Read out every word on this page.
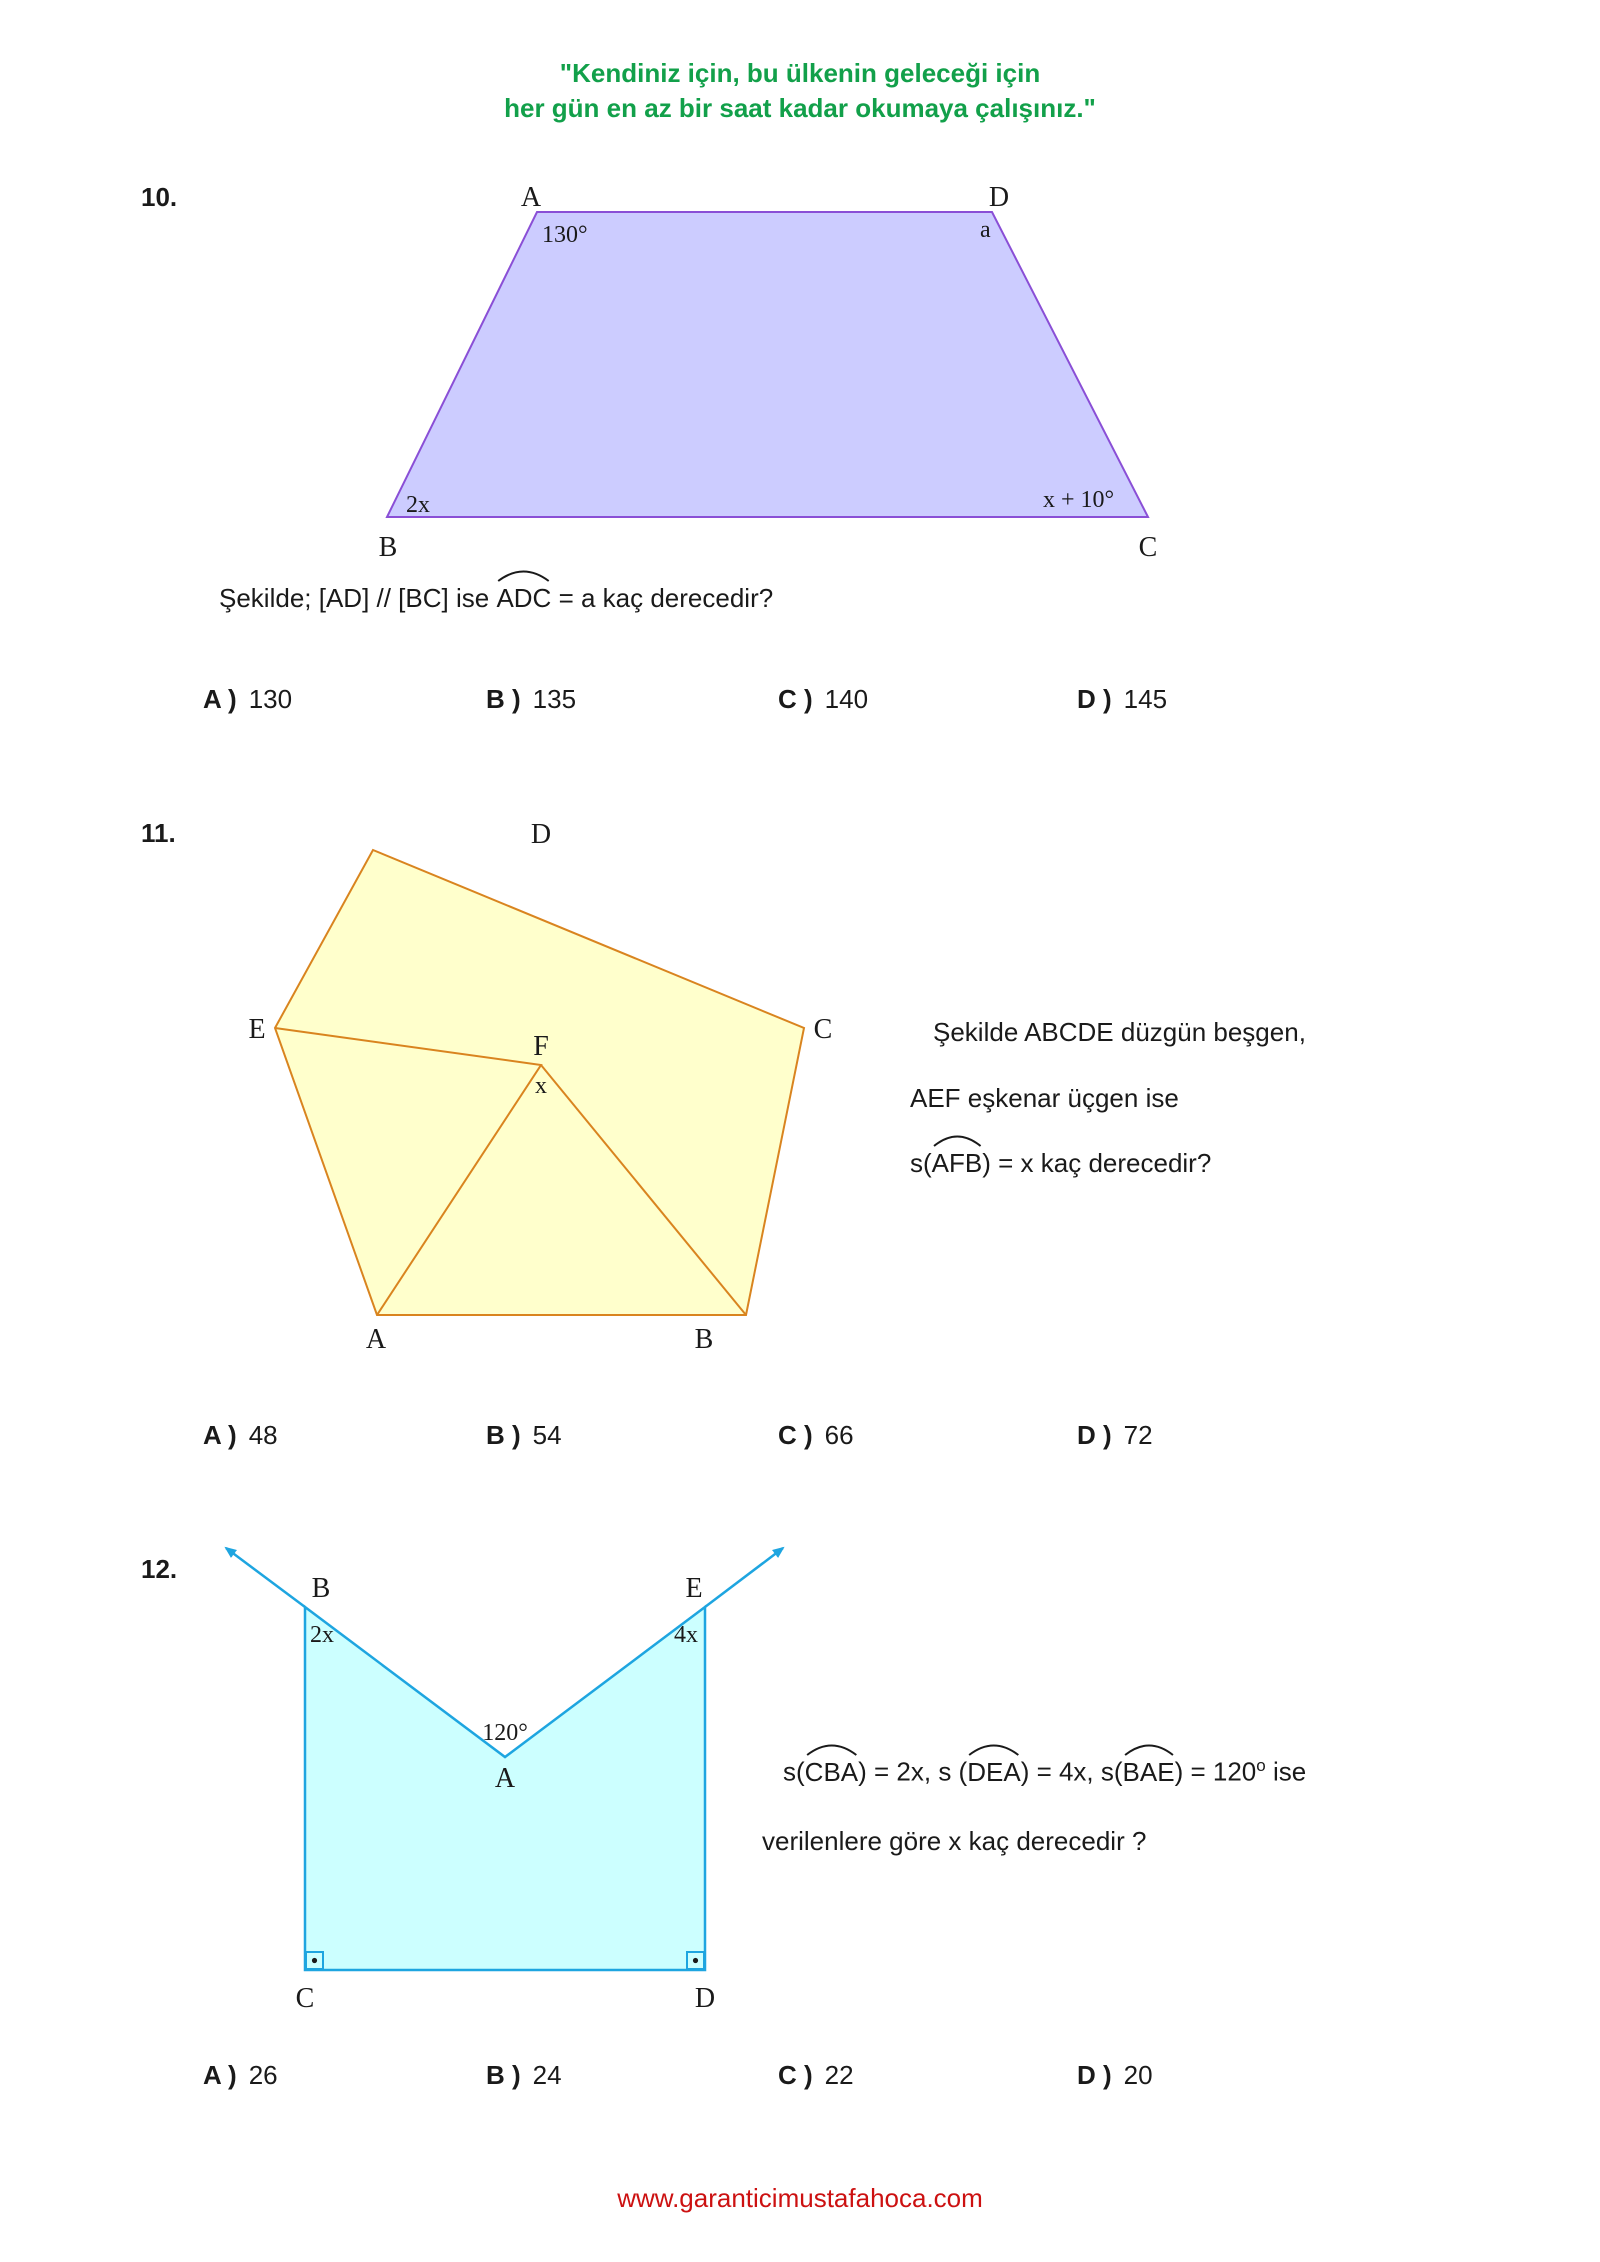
"Kendiniz için, bu ülkenin geleceği için
her gün en az bir saat kadar okumaya çalışınız."
10.	A	D
B	C
130°	a
2x	x + 10°
Şekilde; [AD] // [BC] ise
ADC = a kaç derecedir?
A ) 130	B ) 135	C ) 140	D ) 145
11.	D
E	C
F
x
A	B
Şekilde ABCDE düzgün beşgen,
AEF eşkenar üçgen ise
s(
AFB) = x kaç derecedir?
A ) 48	B ) 54	C ) 66	D ) 72
12.
B	E
2x	4x
120°
A
C	D
s(
CBA) = 2x, s (
DEA) = 4x, s(
$BAE) = 120^o$ ise
verilenlere göre x kaç derecedir ?
A ) 26	B ) 24	C ) 22	D ) 20
www.garanticimustafahoca.com
